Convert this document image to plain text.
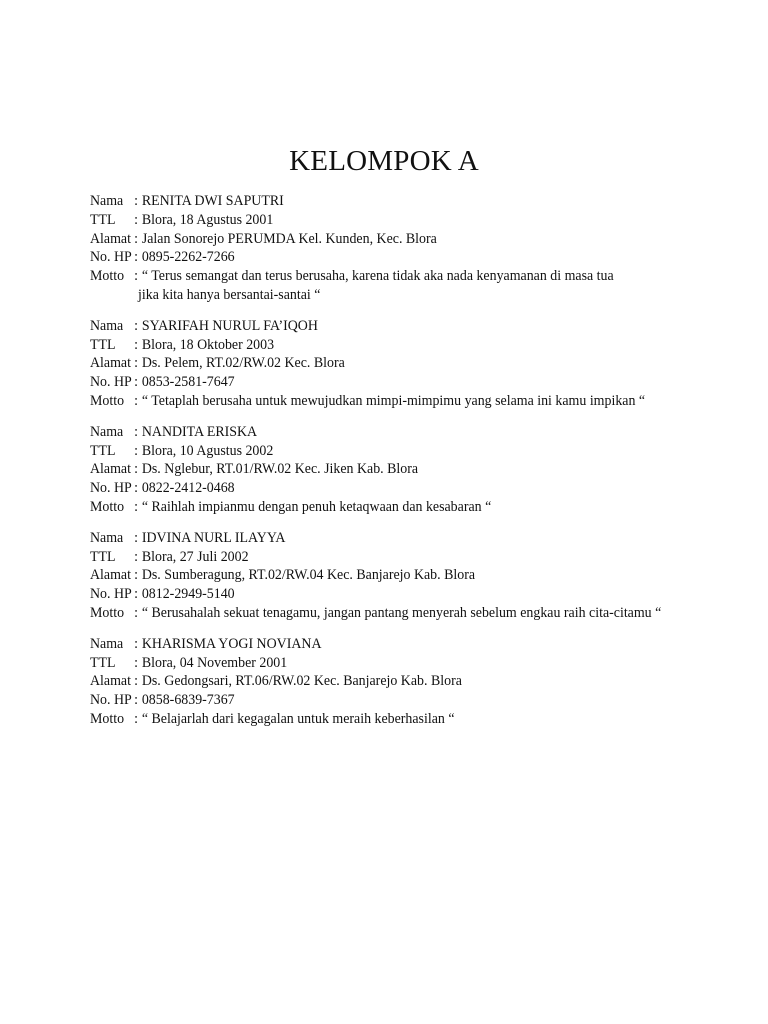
KELOMPOK A
Nama : RENITA DWI SAPUTRI
TTL	: Blora, 18 Agustus 2001
Alamat : Jalan Sonorejo PERUMDA Kel. Kunden, Kec. Blora
No. HP : 0895-2262-7266
Motto : “ Terus semangat dan terus berusaha, karena tidak aka nada kenyamanan di masa tua
jika kita hanya bersantai-santai “
Nama : SYARIFAH NURUL FA’IQOH
TTL	: Blora, 18 Oktober 2003
Alamat : Ds. Pelem, RT.02/RW.02 Kec. Blora
No. HP : 0853-2581-7647
Motto : “ Tetaplah berusaha untuk mewujudkan mimpi-mimpimu yang selama ini kamu impikan “
Nama : NANDITA ERISKA
TTL	: Blora, 10 Agustus 2002
Alamat : Ds. Nglebur, RT.01/RW.02 Kec. Jiken Kab. Blora
No. HP : 0822-2412-0468
Motto : “ Raihlah impianmu dengan penuh ketaqwaan dan kesabaran “
Nama : IDVINA NURL ILAYYA
TTL	: Blora, 27 Juli 2002
Alamat : Ds. Sumberagung, RT.02/RW.04 Kec. Banjarejo Kab. Blora
No. HP : 0812-2949-5140
Motto : “ Berusahalah sekuat tenagamu, jangan pantang menyerah sebelum engkau raih cita-citamu “
Nama : KHARISMA YOGI NOVIANA
TTL	: Blora, 04 November 2001
Alamat : Ds. Gedongsari, RT.06/RW.02 Kec. Banjarejo Kab. Blora
No. HP : 0858-6839-7367
Motto : “ Belajarlah dari kegagalan untuk meraih keberhasilan “
